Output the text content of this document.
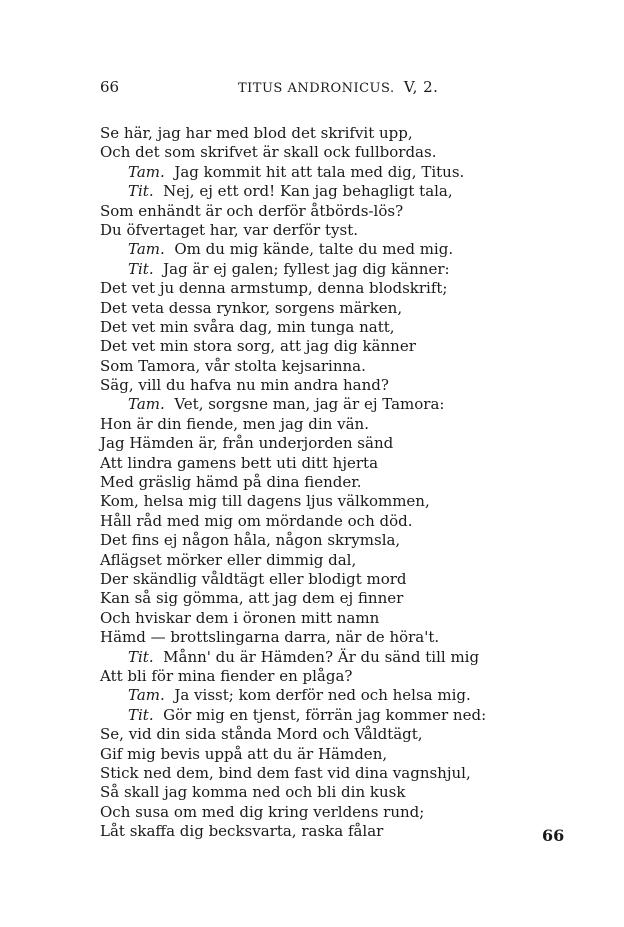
66	TITUS ANDRONICUS. V, 2.
Se här, jag har med blod det skrifvit upp,
Och det som skrifvet är skall ock fullbordas.
Tam. Jag kommit hit att tala med dig, Titus.
Tit. Nej, ej ett ord! Kan jag behagligt tala,
Som enhändt är och derför åtbörds-lös?
Du öfvertaget har, var derför tyst.
Tam. Om du mig kände, talte du med mig.
Tit. Jag är ej galen; fyllest jag dig känner:
Det vet ju denna armstump, denna blodskrift;
Det veta dessa rynkor, sorgens märken,
Det vet min svåra dag, min tunga natt,
Det vet min stora sorg, att jag dig känner
Som Tamora, vår stolta kejsarinna.
Säg, vill du hafva nu min andra hand?
Tam. Vet, sorgsne man, jag är ej Tamora:
Hon är din fiende, men jag din vän.
Jag Hämden är, från underjorden sänd
Att lindra gamens bett uti ditt hjerta
Med gräslig hämd på dina fiender.
Kom, helsa mig till dagens ljus välkommen,
Håll råd med mig om mördande och död.
Det fins ej någon håla, någon skrymsla,
Aflägset mörker eller dimmig dal,
Der skändlig våldtägt eller blodigt mord
Kan så sig gömma, att jag dem ej finner
Och hviskar dem i öronen mitt namn
Hämd — brottslingarna darra, när de höra't.
Tit. Månn' du är Hämden? Är du sänd till mig
Att bli för mina fiender en plåga?
Tam. Ja visst; kom derför ned och helsa mig.
Tit. Gör mig en tjenst, förrän jag kommer ned:
Se, vid din sida stånda Mord och Våldtägt,
Gif mig bevis uppå att du är Hämden,
Stick ned dem, bind dem fast vid dina vagnshjul,
Så skall jag komma ned och bli din kusk
Och susa om med dig kring verldens rund;
Låt skaffa dig becksvarta, raska fålar	66
